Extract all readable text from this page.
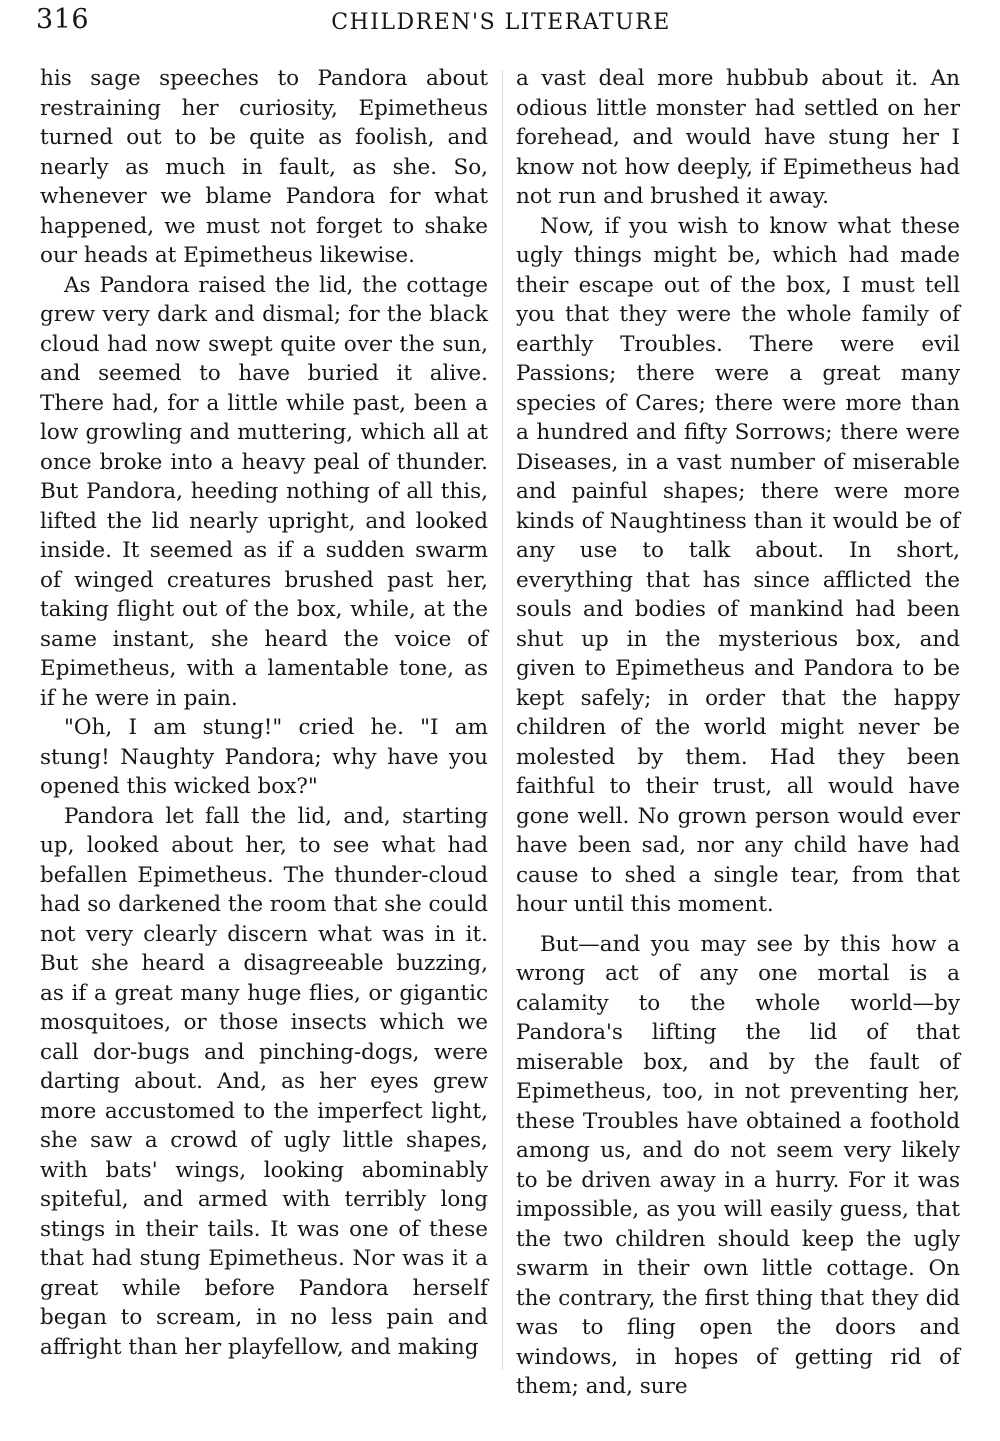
316	CHILDREN'S LITERATURE

his sage speeches to Pandora about restraining her curiosity, Epimetheus turned out to be quite as foolish, and nearly as much in fault, as she. So, whenever we blame Pandora for what happened, we must not forget to shake our heads at Epimetheus likewise.

As Pandora raised the lid, the cottage grew very dark and dismal; for the black cloud had now swept quite over the sun, and seemed to have buried it alive. There had, for a little while past, been a low growling and muttering, which all at once broke into a heavy peal of thunder. But Pandora, heeding nothing of all this, lifted the lid nearly upright, and looked inside. It seemed as if a sudden swarm of winged creatures brushed past her, taking flight out of the box, while, at the same instant, she heard the voice of Epimetheus, with a lamentable tone, as if he were in pain.

"Oh, I am stung!" cried he. "I am stung! Naughty Pandora; why have you opened this wicked box?"

Pandora let fall the lid, and, starting up, looked about her, to see what had befallen Epimetheus. The thunder-cloud had so darkened the room that she could not very clearly discern what was in it. But she heard a disagreeable buzzing, as if a great many huge flies, or gigantic mosquitoes, or those insects which we call dor-bugs and pinching-dogs, were darting about. And, as her eyes grew more accustomed to the imperfect light, she saw a crowd of ugly little shapes, with bats' wings, looking abominably spiteful, and armed with terribly long stings in their tails. It was one of these that had stung Epimetheus. Nor was it a great while before Pandora herself began to scream, in no less pain and affright than her playfellow, and making

a vast deal more hubbub about it. An odious little monster had settled on her forehead, and would have stung her I know not how deeply, if Epimetheus had not run and brushed it away.

Now, if you wish to know what these ugly things might be, which had made their escape out of the box, I must tell you that they were the whole family of earthly Troubles. There were evil Passions; there were a great many species of Cares; there were more than a hundred and fifty Sorrows; there were Diseases, in a vast number of miserable and painful shapes; there were more kinds of Naughtiness than it would be of any use to talk about. In short, everything that has since afflicted the souls and bodies of mankind had been shut up in the mysterious box, and given to Epimetheus and Pandora to be kept safely; in order that the happy children of the world might never be molested by them. Had they been faithful to their trust, all would have gone well. No grown person would ever have been sad, nor any child have had cause to shed a single tear, from that hour until this moment.

But—and you may see by this how a wrong act of any one mortal is a calamity to the whole world—by Pandora's lifting the lid of that miserable box, and by the fault of Epimetheus, too, in not preventing her, these Troubles have obtained a foothold among us, and do not seem very likely to be driven away in a hurry. For it was impossible, as you will easily guess, that the two children should keep the ugly swarm in their own little cottage. On the contrary, the first thing that they did was to fling open the doors and windows, in hopes of getting rid of them; and, sure
